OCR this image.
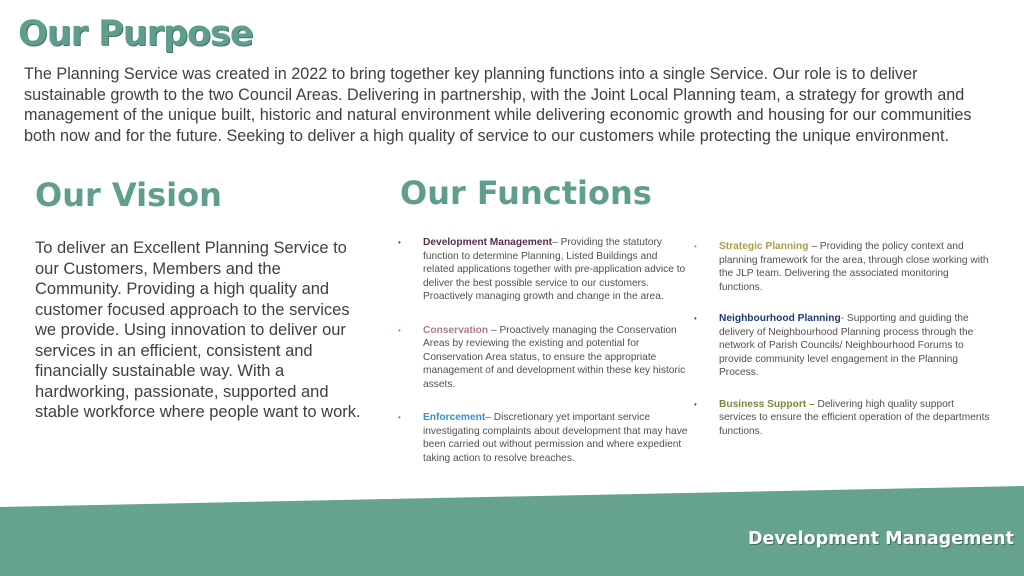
Our Purpose

The Planning Service was created in 2022 to bring together key planning functions into a single Service. Our role is to deliver sustainable growth to the two Council Areas. Delivering in partnership, with the Joint Local Planning team, a strategy for growth and management of the unique built, historic and natural environment while delivering economic growth and housing for our communities both now and for the future. Seeking to deliver a high quality of service to our customers while protecting the unique environment.

Our Vision

To deliver an Excellent Planning Service to our Customers, Members and the Community. Providing a high quality and customer focused approach to the services we provide. Using innovation to deliver our services in an efficient, consistent and financially sustainable way. With a hardworking, passionate, supported and stable workforce where people want to work.

Our Functions
• Development Management– Providing the statutory function to determine Planning, Listed Buildings and related applications together with pre-application advice to deliver the best possible service to our customers. Proactively managing growth and change in the area.
• Conservation – Proactively managing the Conservation Areas by reviewing the existing and potential for Conservation Area status, to ensure the appropriate management of and development within these key historic assets.
• Enforcement– Discretionary yet important service investigating complaints about development that may have been carried out without permission and where expedient taking action to resolve breaches.
• Strategic Planning – Providing the policy context and planning framework for the area, through close working with the JLP team. Delivering the associated monitoring functions.
• Neighbourhood Planning- Supporting and guiding the delivery of Neighbourhood Planning process through the network of Parish Councils/ Neighbourhood Forums to provide community level engagement in the Planning Process.
• Business Support – Delivering high quality support services to ensure the efficient operation of the departments functions.

Development Management
